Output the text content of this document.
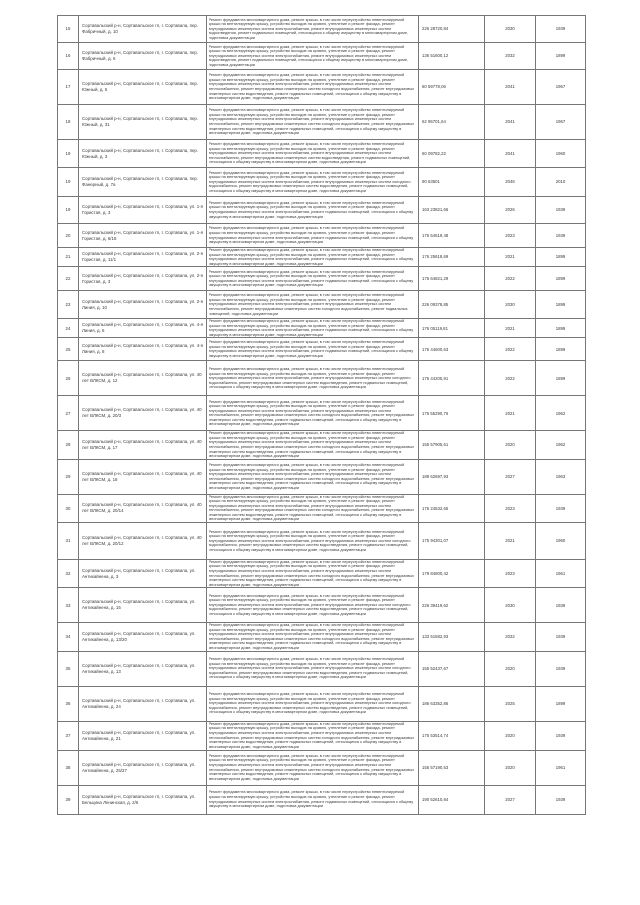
15	Сортавальский р-н, Сортавальское гп, г. Сортавала, пер. Фабричный, д. 10	Ремонт фундамента многоквартирного дома, ремонт крыши, в том числе переустройство невентилируемой крыши на вентилируемую крышу, устройство выходов на кровлю, утепление и ремонт фасада, ремонт внутридомовых инженерных систем электроснабжения, ремонт внутридомовых инженерных систем водоотведения, ремонт подвальных помещений, относящихся к общему имуществу в многоквартирном доме, подготовка документации	226 28720,84	2030	1939
16	Сортавальский р-н, Сортавальское гп, г. Сортавала, пер. Фабричный, д. 6	Ремонт фундамента многоквартирного дома, ремонт крыши, в том числе переустройство невентилируемой крыши на вентилируемую крышу, устройство выходов на кровлю, утепление и ремонт фасада, ремонт внутридомовых инженерных систем электроснабжения, ремонт внутридомовых инженерных систем водоотведения, ремонт подвальных помещений, относящихся к общему имуществу в многоквартирном доме, подготовка документации	136 51600,12	2032	1899
17	Сортавальский р-н, Сортавальское гп, г. Сортавала, пер. Южный, д. 5	Ремонт фундамента многоквартирного дома, ремонт крыши, в том числе переустройство невентилируемой крыши на вентилируемую крышу, устройство выходов на кровлю, утепление и ремонт фасада, ремонт внутридомовых инженерных систем электроснабжения, ремонт внутридомовых инженерных систем теплоснабжения, ремонт внутридомовых инженерных систем холодного водоснабжения, ремонт внутридомовых инженерных систем водоотведения, ремонт подвальных помещений, относящихся к общему имуществу в многоквартирном доме, подготовка документации	60 59778,06	2041	1967
18	Сортавальский р-н, Сортавальское гп, г. Сортавала, пер. Южный, д. 31	Ремонт фундамента многоквартирного дома, ремонт крыши, в том числе переустройство невентилируемой крыши на вентилируемую крышу, устройство выходов на кровлю, утепление и ремонт фасада, ремонт внутридомовых инженерных систем электроснабжения, ремонт внутридомовых инженерных систем теплоснабжения, ремонт внутридомовых инженерных систем холодного водоснабжения, ремонт внутридомовых инженерных систем водоотведения, ремонт подвальных помещений, относящихся к общему имуществу в многоквартирном доме, подготовка документации	62 95701,64	2041	1967
19	Сортавальский р-н, Сортавальское гп, г. Сортавала, пер. Южный, д. 3	Ремонт фундамента многоквартирного дома, ремонт крыши, в том числе переустройство невентилируемой крыши на вентилируемую крышу, устройство выходов на кровлю, утепление и ремонт фасада, ремонт внутридомовых инженерных систем электроснабжения, ремонт внутридомовых инженерных систем теплоснабжения, ремонт внутридомовых инженерных систем водоотведения, ремонт подвальных помещений, относящихся к общему имуществу в многоквартирном доме, подготовка документации	60 09782,22	2041	1960
19	Сортавальский р-н, Сортавальское гп, г. Сортавала, пер. Фанерный, д. 7а	Ремонт фундамента многоквартирного дома, ремонт крыши, в том числе переустройство невентилируемой крыши на вентилируемую крышу, устройство выходов на кровлю, утепление и ремонт фасада, ремонт внутридомовых инженерных систем электроснабжения, ремонт внутридомовых инженерных систем холодного водоснабжения, ремонт внутридомовых инженерных систем водоотведения, ремонт подвальных помещений, относящихся к общему имуществу в многоквартирном доме, подготовка документации	90 63501	2046	2010
19	Сортавальский р-н, Сортавальское гп, г. Сортавала, ул. 1-я Гористая, д. 3	Ремонт фундамента многоквартирного дома, ремонт крыши, в том числе переустройство невентилируемой крыши на вентилируемую крышу, устройство выходов на кровлю, утепление и ремонт фасада, ремонт внутридомовых инженерных систем электроснабжения, ремонт подвальных помещений, относящихся к общему имуществу в многоквартирном доме, подготовка документации	163 23821,66	2026	1939
20	Сортавальский р-н, Сортавальское гп, г. Сортавала, ул. 1-я Гористая, д. 6/18	Ремонт фундамента многоквартирного дома, ремонт крыши, в том числе переустройство невентилируемой крыши на вентилируемую крышу, устройство выходов на кровлю, утепление и ремонт фасада, ремонт внутридомовых инженерных систем электроснабжения, ремонт подвальных помещений, относящихся к общему имуществу в многоквартирном доме, подготовка документации	176 54519,48	2023	1939
21	Сортавальский р-н, Сортавальское гп, г. Сортавала, ул. 2-я Гористая, д. 11/1	Ремонт фундамента многоквартирного дома, ремонт крыши, в том числе переустройство невентилируемой крыши на вентилируемую крышу, устройство выходов на кровлю, утепление и ремонт фасада, ремонт внутридомовых инженерных систем электроснабжения, ремонт подвальных помещений, относящихся к общему имуществу в многоквартирном доме, подготовка документации	176 25618,69	2021	1899
22	Сортавальский р-н, Сортавальское гп, г. Сортавала, ул. 2-я Гористая, д. 3	Ремонт фундамента многоквартирного дома, ремонт крыши, в том числе переустройство невентилируемой крыши на вентилируемую крышу, устройство выходов на кровлю, утепление и ремонт фасада, ремонт внутридомовых инженерных систем электроснабжения, ремонт подвальных помещений, относящихся к общему имуществу в многоквартирном доме, подготовка документации	176 64821,29	2022	1899
23	Сортавальский р-н, Сортавальское гп, г. Сортавала, ул. 2-я Линия, д. 10	Ремонт фундамента многоквартирного дома, ремонт крыши, в том числе переустройство невентилируемой крыши на вентилируемую крышу, устройство выходов на кровлю, утепление и ремонт фасада, ремонт внутридомовых инженерных систем электроснабжения, ремонт внутридомовых инженерных систем теплоснабжения, ремонт внутридомовых инженерных систем холодного водоснабжения, ремонт подвальных помещений, подготовка документации	226 09378,85	2030	1899
24	Сортавальский р-н, Сортавальское гп, г. Сортавала, ул. 4-я Линия, д. 6	Ремонт фундамента многоквартирного дома, ремонт крыши, в том числе переустройство невентилируемой крыши на вентилируемую крышу, устройство выходов на кровлю, утепление и ремонт фасада, ремонт внутридомовых инженерных систем электроснабжения, ремонт подвальных помещений, относящихся к общему имуществу в многоквартирном доме, подготовка документации	176 05119,81	2021	1899
25	Сортавальский р-н, Сортавальское гп, г. Сортавала, ул. 4-я Линия, д. 8	Ремонт фундамента многоквартирного дома, ремонт крыши, в том числе переустройство невентилируемой крыши на вентилируемую крышу, устройство выходов на кровлю, утепление и ремонт фасада, ремонт внутридомовых инженерных систем электроснабжения, ремонт подвальных помещений, относящихся к общему имуществу в многоквартирном доме, подготовка документации	176 44600,63	2022	1899
26	Сортавальский р-н, Сортавальское гп, г. Сортавала, ул. 40 лет ВЛКСМ, д. 12	Ремонт фундамента многоквартирного дома, ремонт крыши, в том числе переустройство невентилируемой крыши на вентилируемую крышу, устройство выходов на кровлю, утепление и ремонт фасада, ремонт внутридомовых инженерных систем электроснабжения, ремонт внутридомовых инженерных систем холодного водоснабжения, ремонт внутридомовых инженерных систем водоотведения, ремонт подвальных помещений, относящихся к общему имуществу в многоквартирном доме, подготовка документации	176 44205,91	2022	1899
27	Сортавальский р-н, Сортавальское гп, г. Сортавала, ул. 40 лет ВЛКСМ, д. 20/3	Ремонт фундамента многоквартирного дома, ремонт крыши, в том числе переустройство невентилируемой крыши на вентилируемую крышу, устройство выходов на кровлю, утепление и ремонт фасада, ремонт внутридомовых инженерных систем электроснабжения, ремонт внутридомовых инженерных систем теплоснабжения, ремонт внутридомовых инженерных систем холодного водоснабжения, ремонт внутридомовых инженерных систем водоотведения, ремонт подвальных помещений, относящихся к общему имуществу в многоквартирном доме, подготовка документации	175 55290,76	2021	1962
28	Сортавальский р-н, Сортавальское гп, г. Сортавала, ул. 40 лет ВЛКСМ, д. 17	Ремонт фундамента многоквартирного дома, ремонт крыши, в том числе переустройство невентилируемой крыши на вентилируемую крышу, устройство выходов на кровлю, утепление и ремонт фасада, ремонт внутридомовых инженерных систем электроснабжения, ремонт внутридомовых инженерных систем теплоснабжения, ремонт внутридомовых инженерных систем холодного водоснабжения, ремонт внутридомовых инженерных систем водоотведения, ремонт подвальных помещений, относящихся к общему имуществу в многоквартирном доме, подготовка документации	155 57905,61	2020	1962
29	Сортавальский р-н, Сортавальское гп, г. Сортавала, ул. 40 лет ВЛКСМ, д. 18	Ремонт фундамента многоквартирного дома, ремонт крыши, в том числе переустройство невентилируемой крыши на вентилируемую крышу, устройство выходов на кровлю, утепление и ремонт фасада, ремонт внутридомовых инженерных систем электроснабжения, ремонт внутридомовых инженерных систем теплоснабжения, ремонт внутридомовых инженерных систем холодного водоснабжения, ремонт внутридомовых инженерных систем водоотведения, ремонт подвальных помещений, относящихся к общему имуществу в многоквартирном доме, подготовка документации	189 62697,93	2027	1963
30	Сортавальский р-н, Сортавальское гп, г. Сортавала, ул. 40 лет ВЛКСМ, д. 20/14	Ремонт фундамента многоквартирного дома, ремонт крыши, в том числе переустройство невентилируемой крыши на вентилируемую крышу, устройство выходов на кровлю, утепление и ремонт фасада, ремонт внутридомовых инженерных систем электроснабжения, ремонт внутридомовых инженерных систем теплоснабжения, ремонт внутридомовых инженерных систем холодного водоснабжения, ремонт внутридомовых инженерных систем водоотведения, ремонт подвальных помещений, относящихся к общему имуществу в многоквартирном доме, подготовка документации	176 24532,65	2023	1939
31	Сортавальский р-н, Сортавальское гп, г. Сортавала, ул. 40 лет ВЛКСМ, д. 20/12	Ремонт фундамента многоквартирного дома, ремонт крыши, в том числе переустройство невентилируемой крыши на вентилируемую крышу, устройство выходов на кровлю, утепление и ремонт фасада, ремонт внутридомовых инженерных систем электроснабжения, ремонт внутридомовых инженерных систем холодного водоснабжения, ремонт внутридомовых инженерных систем водоотведения, ремонт подвальных помещений, относящихся к общему имуществу в многоквартирном доме, подготовка документации	175 94301,07	2021	1960
32	Сортавальский р-н, Сортавальское гп, г. Сортавала, ул. Антикайнена, д. 3	Ремонт фундамента многоквартирного дома, ремонт крыши, в том числе переустройство невентилируемой крыши на вентилируемую крышу, устройство выходов на кровлю, утепление и ремонт фасада, ремонт внутридомовых инженерных систем электроснабжения, ремонт внутридомовых инженерных систем теплоснабжения, ремонт внутридомовых инженерных систем холодного водоснабжения, ремонт внутридомовых инженерных систем водоотведения, ремонт подвальных помещений, относящихся к общему имуществу в многоквартирном доме, подготовка документации	179 84800,42	2023	1961
33	Сортавальский р-н, Сортавальское гп, г. Сортавала, ул. Антикайнена, д. 15	Ремонт фундамента многоквартирного дома, ремонт крыши, в том числе переустройство невентилируемой крыши на вентилируемую крышу, устройство выходов на кровлю, утепление и ремонт фасада, ремонт внутридомовых инженерных систем электроснабжения, ремонт внутридомовых инженерных систем холодного водоснабжения, ремонт внутридомовых инженерных систем водоотведения, ремонт подвальных помещений, относящихся к общему имуществу в многоквартирном доме, подготовка документации	226 39419,62	2030	1939
34	Сортавальский р-н, Сортавальское гп, г. Сортавала, ул. Антикайнена, д. 13/20	Ремонт фундамента многоквартирного дома, ремонт крыши, в том числе переустройство невентилируемой крыши на вентилируемую крышу, устройство выходов на кровлю, утепление и ремонт фасада, ремонт внутридомовых инженерных систем электроснабжения, ремонт внутридомовых инженерных систем теплоснабжения, ремонт внутридомовых инженерных систем холодного водоснабжения, ремонт внутридомовых инженерных систем водоотведения, ремонт подвальных помещений, относящихся к общему имуществу в многоквартирном доме, подготовка документации	133 51582,93	2032	1939
35	Сортавальский р-н, Сортавальское гп, г. Сортавала, ул. Антикайнена, д. 13	Ремонт фундамента многоквартирного дома, ремонт крыши, в том числе переустройство невентилируемой крыши на вентилируемую крышу, устройство выходов на кровлю, утепление и ремонт фасада, ремонт внутридомовых инженерных систем электроснабжения, ремонт внутридомовых инженерных систем холодного водоснабжения, ремонт внутридомовых инженерных систем водоотведения, ремонт подвальных помещений, относящихся к общему имуществу в многоквартирном доме, подготовка документации	155 52437,67	2020	1939
36	Сортавальский р-н, Сортавальское гп, г. Сортавала, ул. Антикайнена, д. 24	Ремонт фундамента многоквартирного дома, ремонт крыши, в том числе переустройство невентилируемой крыши на вентилируемую крышу, устройство выходов на кровлю, утепление и ремонт фасада, ремонт внутридомовых инженерных систем электроснабжения, ремонт внутридомовых инженерных систем холодного водоснабжения, ремонт внутридомовых инженерных систем водоотведения, ремонт подвальных помещений, относящихся к общему имуществу в многоквартирном доме, подготовка документации	186 63352,86	2025	1899
37	Сортавальский р-н, Сортавальское гп, г. Сортавала, ул. Антикайнена, д. 21	Ремонт фундамента многоквартирного дома, ремонт крыши, в том числе переустройство невентилируемой крыши на вентилируемую крышу, устройство выходов на кровлю, утепление и ремонт фасада, ремонт внутридомовых инженерных систем электроснабжения, ремонт внутридомовых инженерных систем теплоснабжения, ремонт внутридомовых инженерных систем холодного водоснабжения, ремонт внутридомовых инженерных систем водоотведения, ремонт подвальных помещений, относящихся к общему имуществу в многоквартирном доме, подготовка документации	175 53514,74	2020	1939
38	Сортавальский р-н, Сортавальское гп, г. Сортавала, ул. Антикайнена, д. 25/27	Ремонт фундамента многоквартирного дома, ремонт крыши, в том числе переустройство невентилируемой крыши на вентилируемую крышу, устройство выходов на кровлю, утепление и ремонт фасада, ремонт внутридомовых инженерных систем электроснабжения, ремонт внутридомовых инженерных систем теплоснабжения, ремонт внутридомовых инженерных систем холодного водоснабжения, ремонт внутридомовых инженерных систем водоотведения, ремонт подвальных помещений, относящихся к общему имуществу в многоквартирном доме, подготовка документации	155 57190,53	2020	1961
39	Сортавальский р-н, Сортавальское гп, г. Сортавала, ул. Бельцина Ленинская, д. 2/6	Ремонт фундамента многоквартирного дома, ремонт крыши, в том числе переустройство невентилируемой крыши на вентилируемую крышу, устройство выходов на кровлю, утепление и ремонт фасада, ремонт внутридомовых инженерных систем электроснабжения, ремонт подвальных помещений, относящихся к общему имуществу в многоквартирном доме, подготовка документации	190 52610,84	2027	1939
